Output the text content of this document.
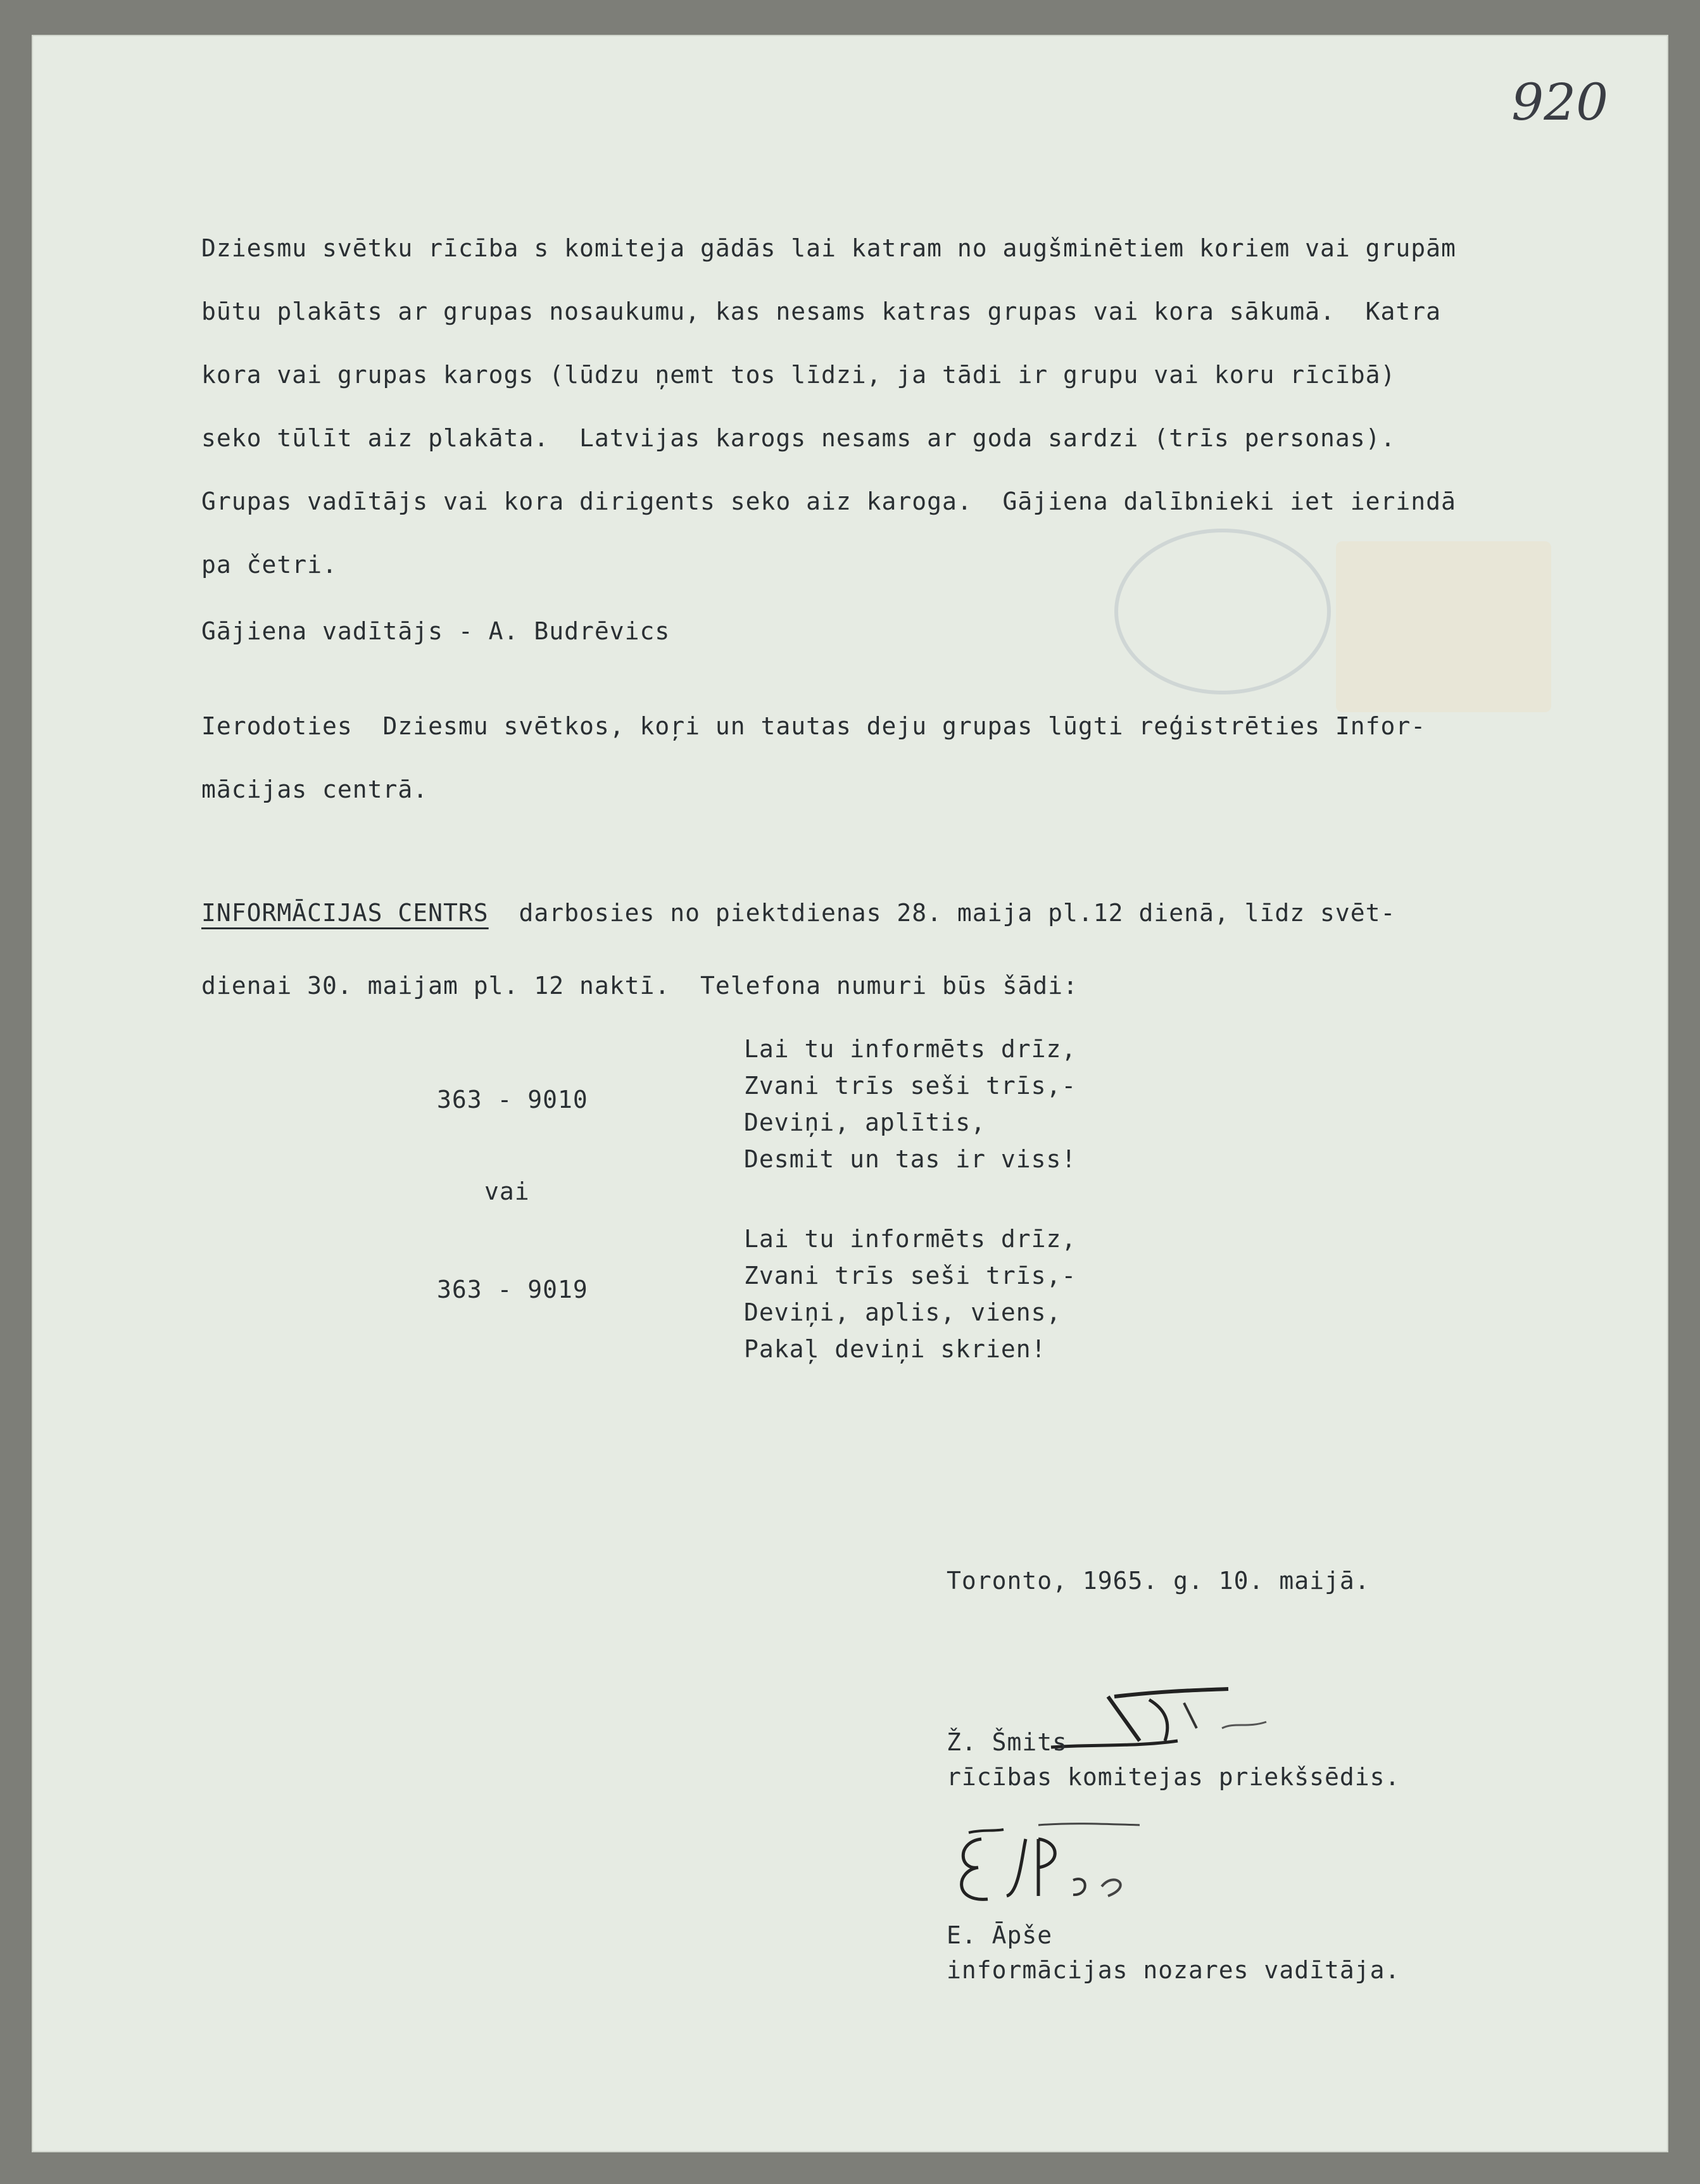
920

Dziesmu svētku rīcība s komiteja gādās lai katram no augšminētiem koriem vai grupām

būtu plakāts ar grupas nosaukumu, kas nesams katras grupas vai kora sākumā.  Katra

kora vai grupas karogs (lūdzu ņemt tos līdzi, ja tādi ir grupu vai koru rīcībā)

seko tūlīt aiz plakāta.  Latvijas karogs nesams ar goda sardzi (trīs personas).

Grupas vadītājs vai kora dirigents seko aiz karoga.  Gājiena dalībnieki iet ierindā

pa četri.

Gājiena vadītājs - A. Budrēvics

Ierodoties  Dziesmu svētkos, koŗi un tautas deju grupas lūgti reģistrēties Infor-

mācijas centrā.

INFORMĀCIJAS CENTRS  darbosies no piektdienas 28. maija pl.12 dienā, līdz svēt-
dienai 30. maijam pl. 12 naktī.  Telefona numuri būs šādi:
363 - 9010

Lai tu informēts drīz,

Zvani trīs seši trīs,-

Deviņi, aplītis,

Desmit un tas ir viss!

vai
363 - 9019

Lai tu informēts drīz,

Zvani trīs seši trīs,-

Deviņi, aplis, viens,

Pakaļ deviņi skrien!

Toronto, 1965. g. 10. maijā.

Ž. Šmits

rīcības komitejas priekšsēdis.

E. Āpše

informācijas nozares vadītāja.
